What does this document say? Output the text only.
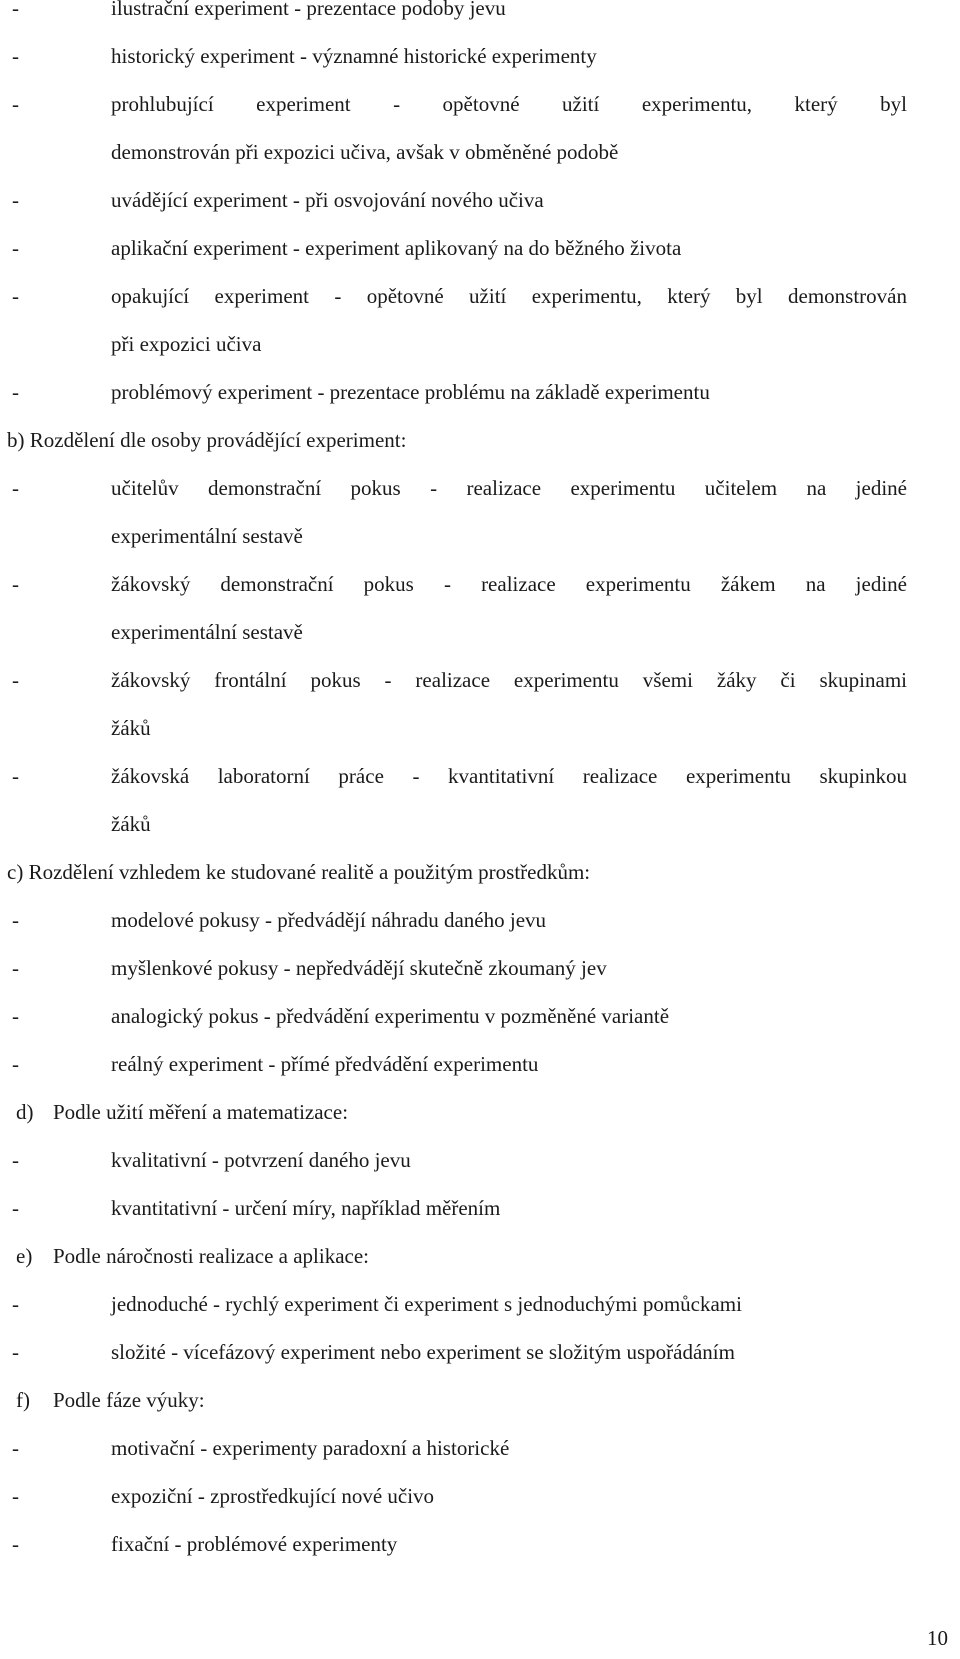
-	ilustrační experiment - prezentace podoby jevu
-	historický experiment - významné historické experimenty
-	prohlubující experiment - opětovné užití experimentu, který byl
demonstrován při expozici učiva, avšak v obměněné podobě
-	uvádějící experiment - při osvojování nového učiva
-	aplikační experiment - experiment aplikovaný na do běžného života
-	opakující experiment - opětovné užití experimentu, který byl demonstrován
při expozici učiva
-	problémový experiment - prezentace problému na základě experimentu
b) Rozdělení dle osoby provádějící experiment:
-	učitelův demonstrační pokus - realizace experimentu učitelem na jediné
experimentální sestavě
-	žákovský demonstrační pokus - realizace experimentu žákem na jediné
experimentální sestavě
-	žákovský frontální pokus - realizace experimentu všemi žáky či skupinami
žáků
-	žákovská laboratorní práce - kvantitativní realizace experimentu skupinkou
žáků
c) Rozdělení vzhledem ke studované realitě a použitým prostředkům:
-	modelové pokusy - předvádějí náhradu daného jevu
-	myšlenkové pokusy - nepředvádějí skutečně zkoumaný jev
-	analogický pokus - předvádění experimentu v pozměněné variantě
-	reálný experiment - přímé předvádění experimentu
d) Podle užití měření a matematizace:
-	kvalitativní - potvrzení daného jevu
-	kvantitativní - určení míry, například měřením
e) Podle náročnosti realizace a aplikace:
-	jednoduché - rychlý experiment či experiment s jednoduchými pomůckami
-	složité - vícefázový experiment nebo experiment se složitým uspořádáním
f) Podle fáze výuky:
-	motivační - experimenty paradoxní a historické
-	expoziční - zprostředkující nové učivo
-	fixační - problémové experimenty
10
